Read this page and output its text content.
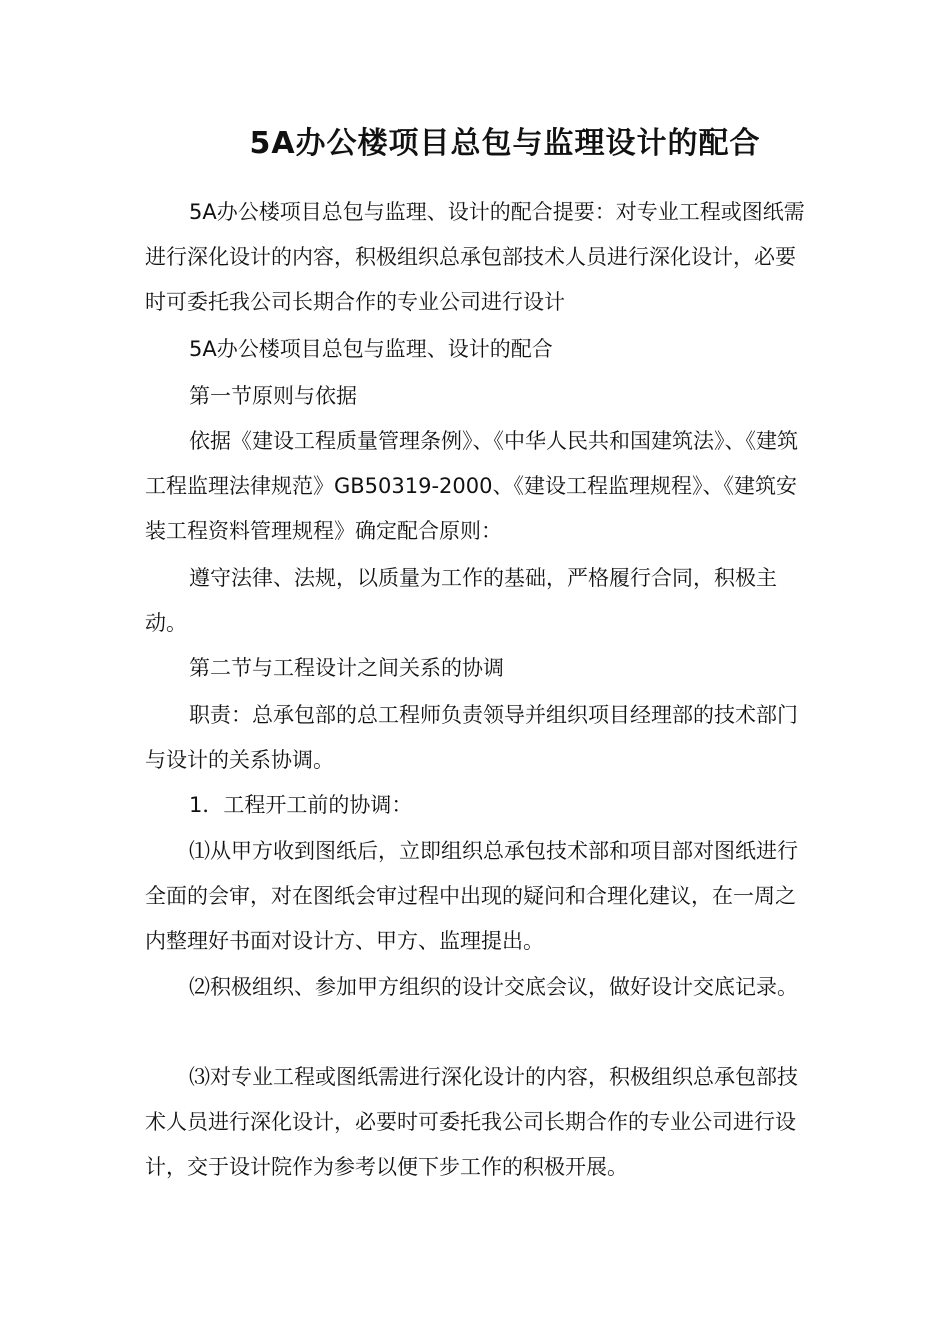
5A办公楼项目总包与监理设计的配合

5A办公楼项目总包与监理、设计的配合提要：对专业工程或图纸需进行深化设计的内容，积极组织总承包部技术人员进行深化设计，必要时可委托我公司长期合作的专业公司进行设计

5A办公楼项目总包与监理、设计的配合

第一节原则与依据

依据《建设工程质量管理条例》、《中华人民共和国建筑法》、《建筑工程监理法律规范》GB50319-2000、《建设工程监理规程》、《建筑安装工程资料管理规程》确定配合原则：

遵守法律、法规，以质量为工作的基础，严格履行合同，积极主动。

第二节与工程设计之间关系的协调

职责：总承包部的总工程师负责领导并组织项目经理部的技术部门与设计的关系协调。

1．工程开工前的协调：

⑴从甲方收到图纸后，立即组织总承包技术部和项目部对图纸进行全面的会审，对在图纸会审过程中出现的疑问和合理化建议，在一周之内整理好书面对设计方、甲方、监理提出。

⑵积极组织、参加甲方组织的设计交底会议，做好设计交底记录。

⑶对专业工程或图纸需进行深化设计的内容，积极组织总承包部技术人员进行深化设计，必要时可委托我公司长期合作的专业公司进行设计，交于设计院作为参考以便下步工作的积极开展。
